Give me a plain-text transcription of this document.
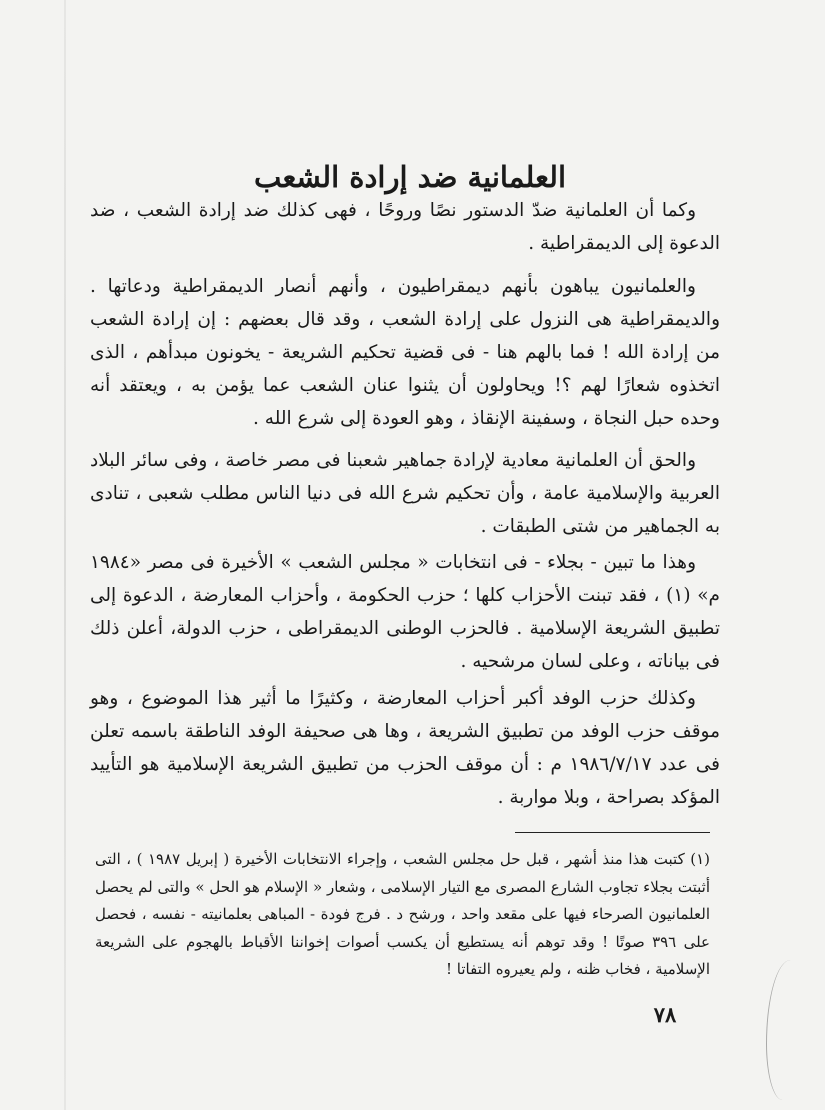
العلمانية ضد إرادة الشعب

وكما أن العلمانية ضدّ الدستور نصًا وروحًا ، فهى كذلك ضد إرادة الشعب ، ضد الدعوة إلى الديمقراطية .

والعلمانيون يباهون بأنهم ديمقراطيون ، وأنهم أنصار الديمقراطية ودعاتها . والديمقراطية هى النزول على إرادة الشعب ، وقد قال بعضهم : إن إرادة الشعب من إرادة الله ! فما بالهم هنا - فى قضية تحكيم الشريعة - يخونون مبدأهم ، الذى اتخذوه شعارًا لهم ؟! ويحاولون أن يثنوا عنان الشعب عما يؤمن به ، ويعتقد أنه وحده حبل النجاة ، وسفينة الإنقاذ ، وهو العودة إلى شرع الله .

والحق أن العلمانية معادية لإرادة جماهير شعبنا فى مصر خاصة ، وفى سائر البلاد العربية والإسلامية عامة ، وأن تحكيم شرع الله فى دنيا الناس مطلب شعبى ، تنادى به الجماهير من شتى الطبقات .

وهذا ما تبين - بجلاء - فى انتخابات « مجلس الشعب » الأخيرة فى مصر «١٩٨٤ م» (١) ، فقد تبنت الأحزاب كلها ؛ حزب الحكومة ، وأحزاب المعارضة ، الدعوة إلى تطبيق الشريعة الإسلامية . فالحزب الوطنى الديمقراطى ، حزب الدولة، أعلن ذلك فى بياناته ، وعلى لسان مرشحيه .

وكذلك حزب الوفد أكبر أحزاب المعارضة ، وكثيرًا ما أثير هذا الموضوع ، وهو موقف حزب الوفد من تطبيق الشريعة ، وها هى صحيفة الوفد الناطقة باسمه تعلن فى عدد ١٩٨٦/٧/١٧ م : أن موقف الحزب من تطبيق الشريعة الإسلامية هو التأييد المؤكد بصراحة ، وبلا مواربة .

(١) كتبت هذا منذ أشهر ، قبل حل مجلس الشعب ، وإجراء الانتخابات الأخيرة ( إبريل ١٩٨٧ ) ، التى أثبتت بجلاء تجاوب الشارع المصرى مع التيار الإسلامى ، وشعار « الإسلام هو الحل » والتى لم يحصل العلمانيون الصرحاء فيها على مقعد واحد ، ورشح د . فرج فودة - المباهى بعلمانيته - نفسه ، فحصل على ٣٩٦ صوتًا ! وقد توهم أنه يستطيع أن يكسب أصوات إخواننا الأقباط بالهجوم على الشريعة الإسلامية ، فخاب ظنه ، ولم يعيروه التفاتا !

٧٨
